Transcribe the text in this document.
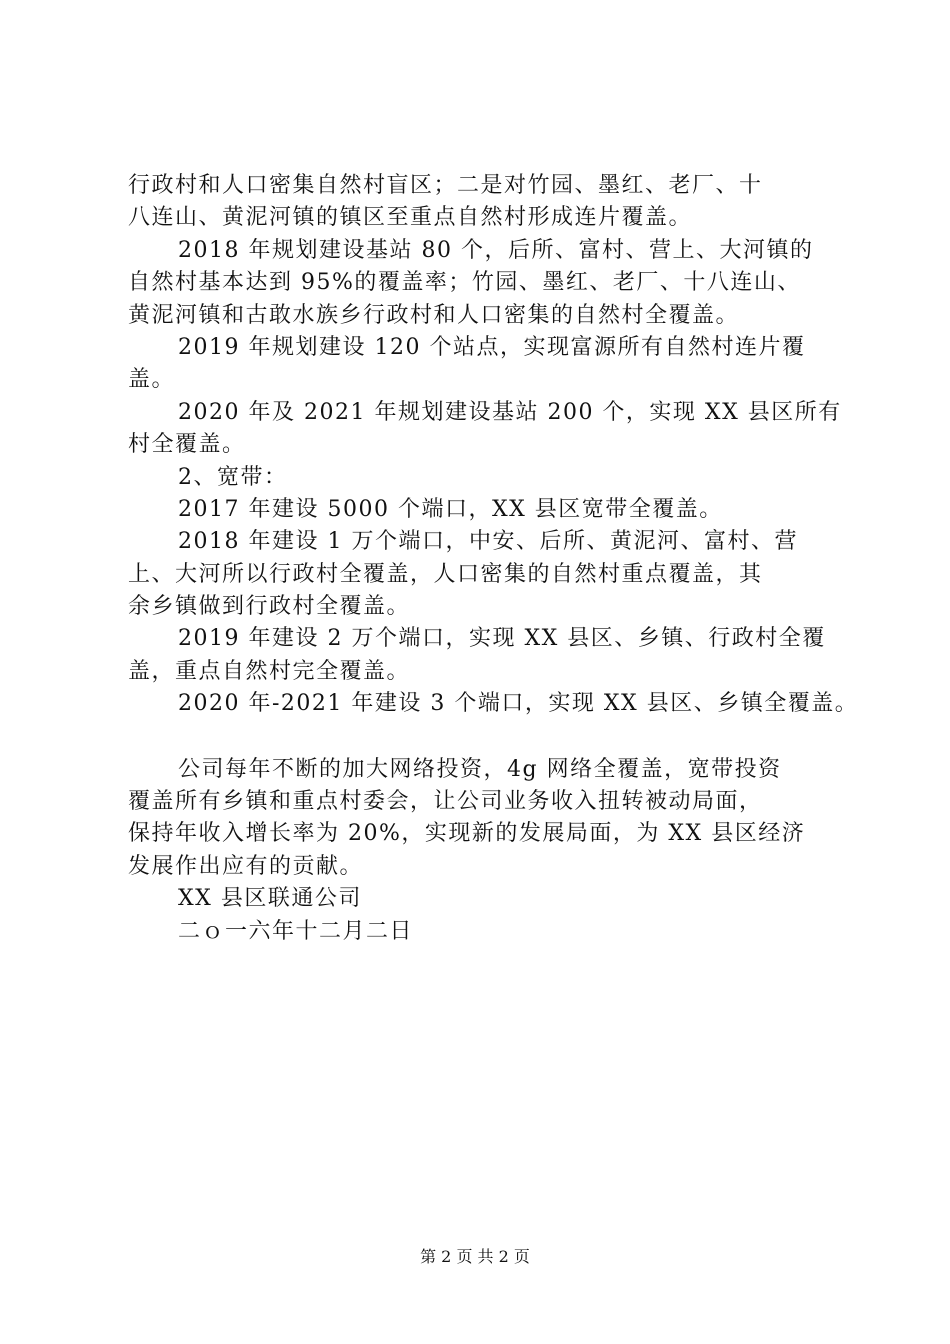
行政村和人口密集自然村盲区；二是对竹园、墨红、老厂、十
八连山、黄泥河镇的镇区至重点自然村形成连片覆盖。
2018 年规划建设基站 80 个，后所、富村、营上、大河镇的
自然村基本达到 95%的覆盖率；竹园、墨红、老厂、十八连山、
黄泥河镇和古敢水族乡行政村和人口密集的自然村全覆盖。
2019 年规划建设 120 个站点，实现富源所有自然村连片覆
盖。
2020 年及 2021 年规划建设基站 200 个，实现 XX 县区所有
村全覆盖。
2、宽带：
2017 年建设 5000 个端口，XX 县区宽带全覆盖。
2018 年建设 1 万个端口，中安、后所、黄泥河、富村、营
上、大河所以行政村全覆盖，人口密集的自然村重点覆盖，其
余乡镇做到行政村全覆盖。
2019 年建设 2 万个端口，实现 XX 县区、乡镇、行政村全覆
盖，重点自然村完全覆盖。
2020 年-2021 年建设 3 个端口，实现 XX 县区、乡镇全覆盖。
公司每年不断的加大网络投资，4g 网络全覆盖，宽带投资
覆盖所有乡镇和重点村委会，让公司业务收入扭转被动局面，
保持年收入增长率为 20%，实现新的发展局面，为 XX 县区经济
发展作出应有的贡献。
XX 县区联通公司
二ｏ一六年十二月二日
第 2 页 共 2 页
